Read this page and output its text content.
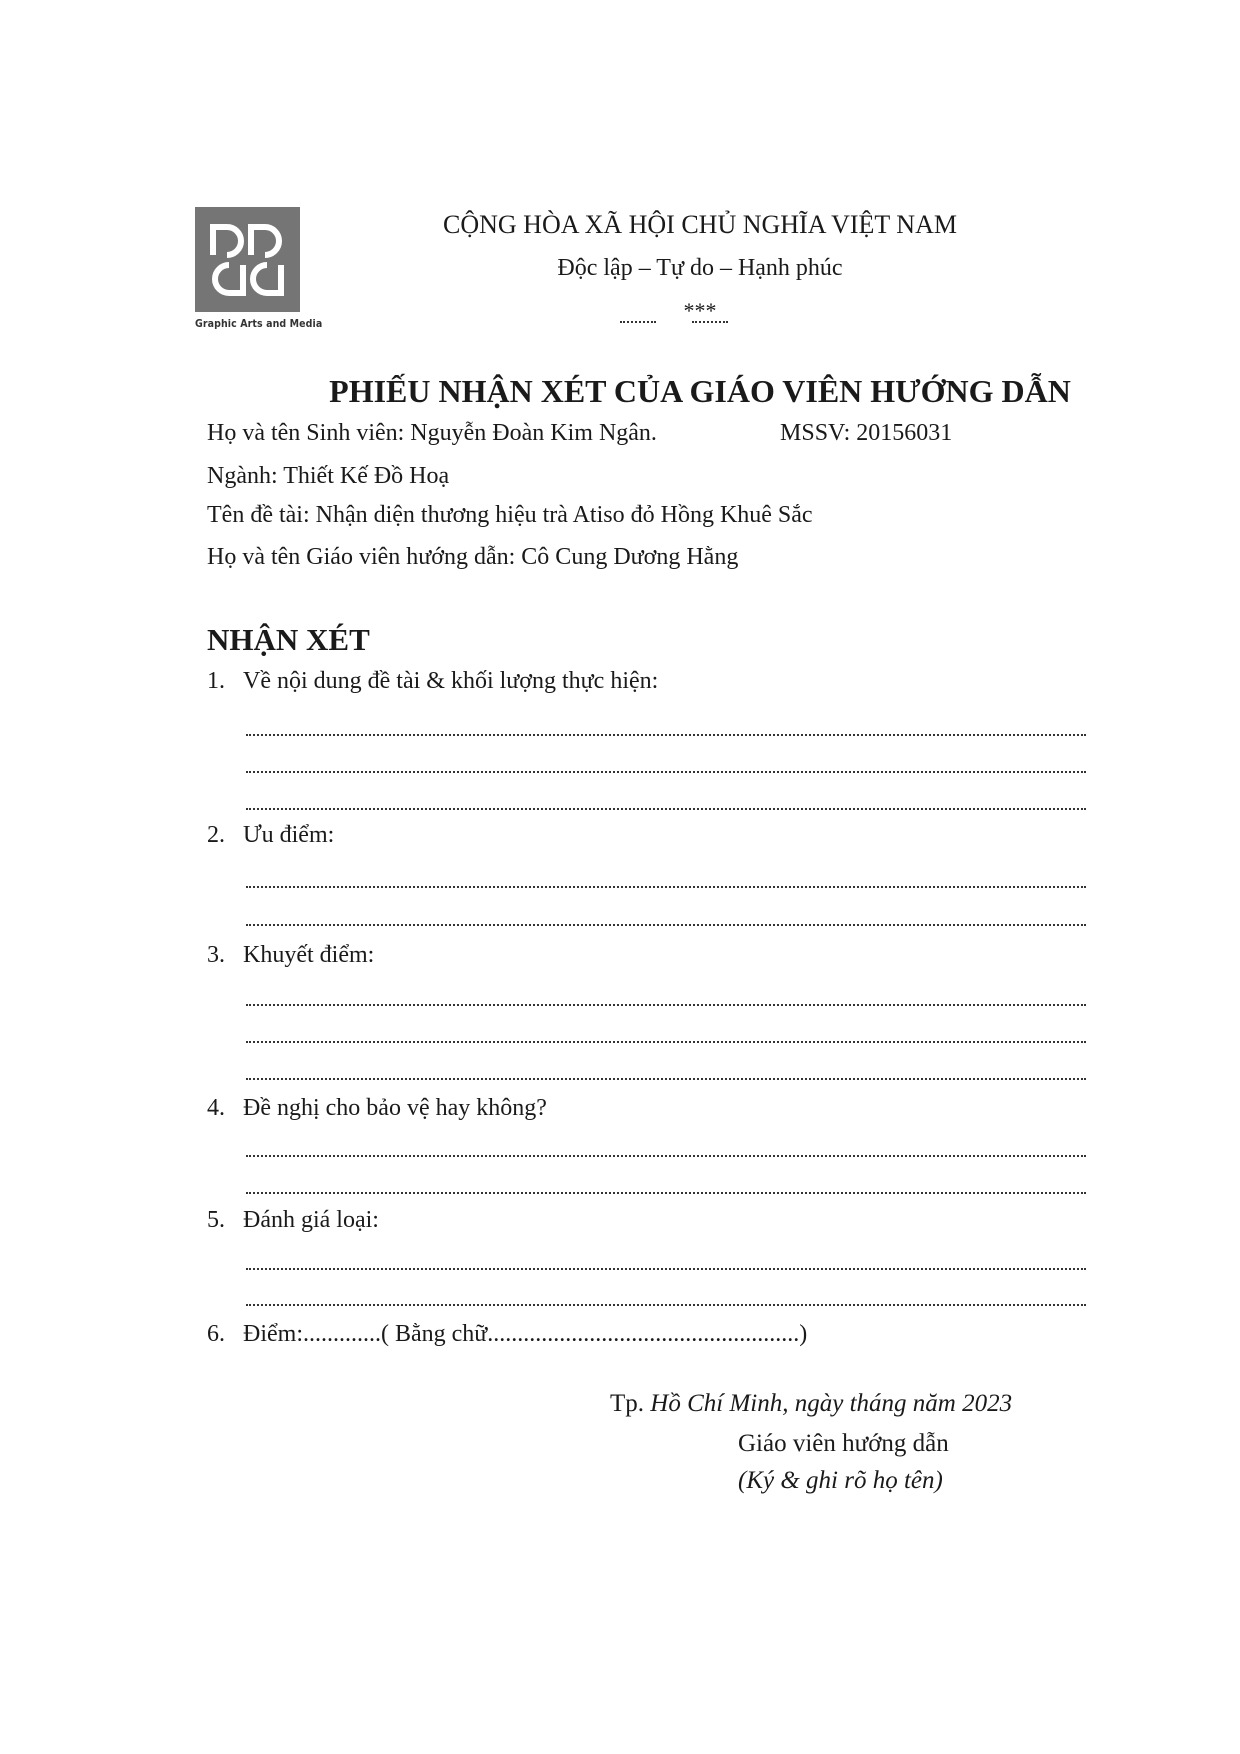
Graphic Arts and Media
CỘNG HÒA XÃ HỘI CHỦ NGHĨA VIỆT NAM
Độc lập – Tự do – Hạnh phúc
***
PHIẾU NHẬN XÉT CỦA GIÁO VIÊN HƯỚNG DẪN
Họ và tên Sinh viên: Nguyễn Đoàn Kim Ngân.	MSSV: 20156031
Ngành: Thiết Kế Đồ Hoạ
Tên đề tài: Nhận diện thương hiệu trà Atiso đỏ Hồng Khuê Sắc
Họ và tên Giáo viên hướng dẫn: Cô Cung Dương Hằng
NHẬN XÉT
1. Về nội dung đề tài & khối lượng thực hiện:
2. Ưu điểm:
3. Khuyết điểm:
4. Đề nghị cho bảo vệ hay không?
5. Đánh giá loại:
6. Điểm:.............( Bằng chữ....................................................)
Tp. Hồ Chí Minh, ngày tháng năm 2023
Giáo viên hướng dẫn
(Ký & ghi rõ họ tên)
